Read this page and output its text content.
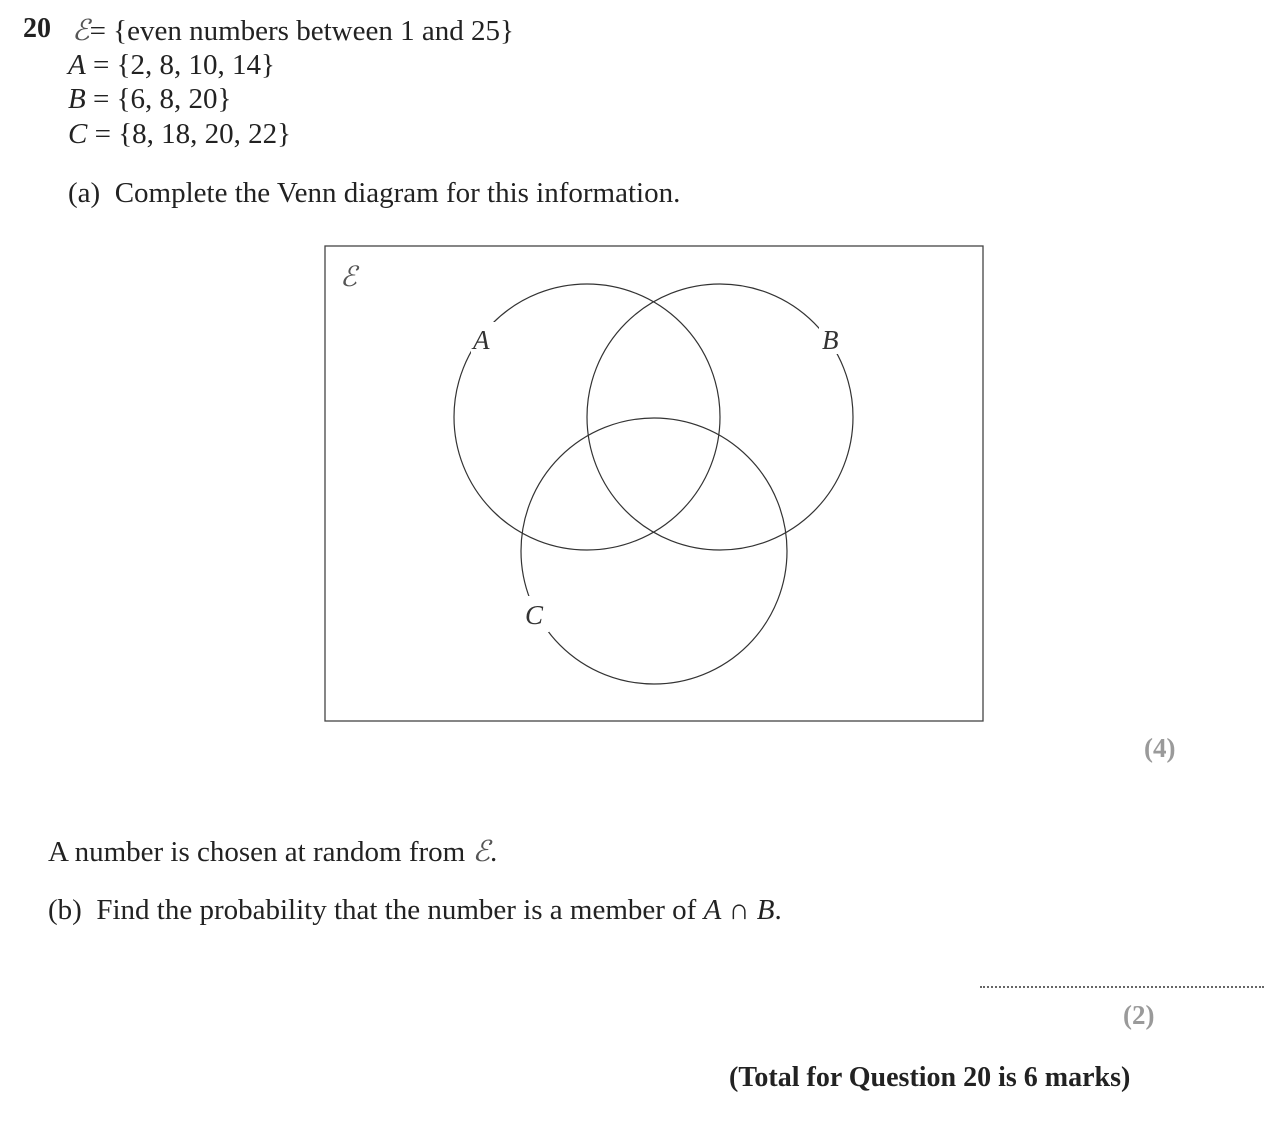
20 ℰ= {even numbers between 1 and 25}
A = {2, 8, 10, 14}
B = {6, 8, 20}
C = {8, 18, 20, 22}
(a) Complete the Venn diagram for this information.
ℰ
A	B
C
(4)
A number is chosen at random from ℰ.
(b) Find the probability that the number is a member of A ∩ B.
(2)
(Total for Question 20 is 6 marks)
